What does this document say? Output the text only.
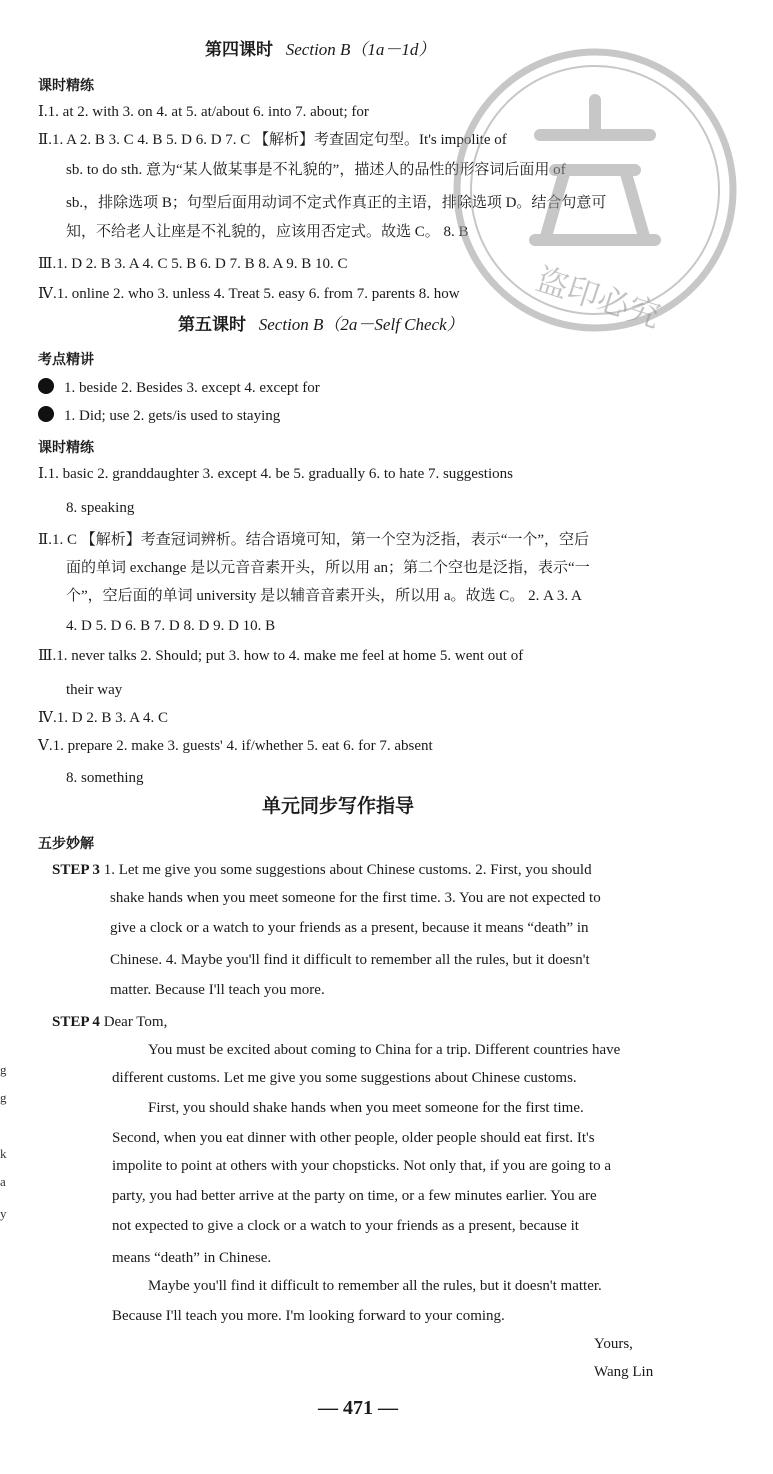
第四课时 Section B（1a－1d）
课时精练
Ⅰ.1. at 2. with 3. on 4. at 5. at/about 6. into 7. about; for
Ⅱ.1. A 2. B 3. C 4. B 5. D 6. D 7. C 【解析】考查固定句型。It's impolite of
sb. to do sth. 意为“某人做某事是不礼貌的”，描述人的品性的形容词后面用 of
sb.，排除选项 B；句型后面用动词不定式作真正的主语，排除选项 D。结合句意可
知，不给老人让座是不礼貌的，应该用否定式。故选 C。 8. B
Ⅲ.1. D 2. B 3. A 4. C 5. B 6. D 7. B 8. A 9. B 10. C
Ⅳ.1. online 2. who 3. unless 4. Treat 5. easy 6. from 7. parents 8. how
第五课时 Section B（2a－Self Check）
考点精讲
1. beside 2. Besides 3. except 4. except for
1. Did; use 2. gets/is used to staying
课时精练
Ⅰ.1. basic 2. granddaughter 3. except 4. be 5. gradually 6. to hate 7. suggestions
8. speaking
Ⅱ.1. C 【解析】考查冠词辨析。结合语境可知，第一个空为泛指，表示“一个”，空后
面的单词 exchange 是以元音音素开头，所以用 an；第二个空也是泛指，表示“一
个”，空后面的单词 university 是以辅音音素开头，所以用 a。故选 C。 2. A 3. A
4. D 5. D 6. B 7. D 8. D 9. D 10. B
Ⅲ.1. never talks 2. Should; put 3. how to 4. make me feel at home 5. went out of
their way
Ⅳ.1. D 2. B 3. A 4. C
Ⅴ.1. prepare 2. make 3. guests' 4. if/whether 5. eat 6. for 7. absent
8. something
单元同步写作指导
五步妙解
STEP 3 1. Let me give you some suggestions about Chinese customs. 2. First, you should
shake hands when you meet someone for the first time. 3. You are not expected to
give a clock or a watch to your friends as a present, because it means “death” in
Chinese. 4. Maybe you'll find it difficult to remember all the rules, but it doesn't
matter. Because I'll teach you more.
STEP 4 Dear Tom,
You must be excited about coming to China for a trip. Different countries have
different customs. Let me give you some suggestions about Chinese customs.
First, you should shake hands when you meet someone for the first time.
Second, when you eat dinner with other people, older people should eat first. It's
impolite to point at others with your chopsticks. Not only that, if you are going to a
party, you had better arrive at the party on time, or a few minutes earlier. You are
not expected to give a clock or a watch to your friends as a present, because it
means “death” in Chinese.
Maybe you'll find it difficult to remember all the rules, but it doesn't matter.
Because I'll teach you more. I'm looking forward to your coming.
Yours,
Wang Lin
— 471 —
g
g
k
a
y
盗印必究
